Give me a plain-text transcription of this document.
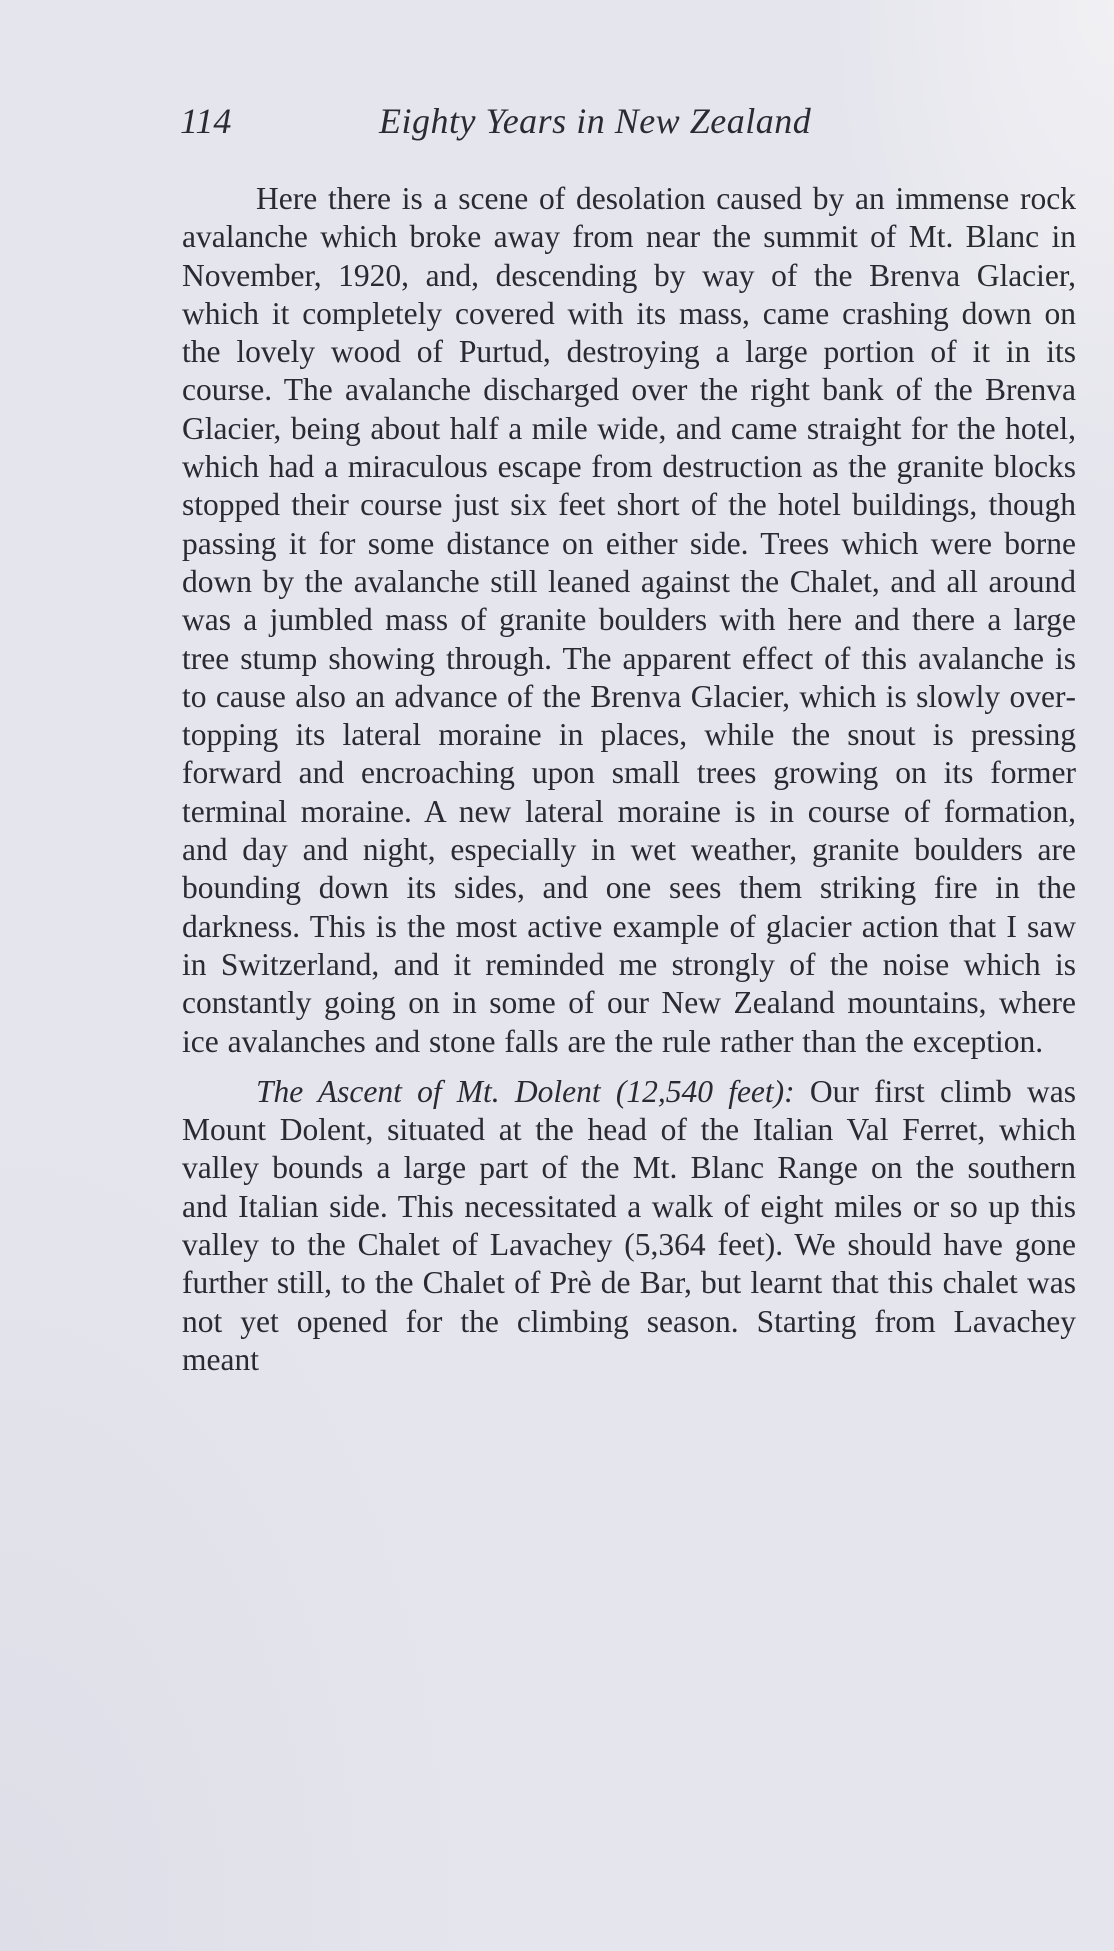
114	Eighty Years in New Zealand

Here there is a scene of desolation caused by an immense rock avalanche which broke away from near the summit of Mt. Blanc in November, 1920, and, descending by way of the Brenva Glacier, which it completely covered with its mass, came crashing down on the lovely wood of Purtud, destroying a large portion of it in its course. The avalanche discharged over the right bank of the Brenva Glacier, being about half a mile wide, and came straight for the hotel, which had a miraculous escape from destruction as the granite blocks stopped their course just six feet short of the hotel buildings, though passing it for some distance on either side. Trees which were borne down by the avalanche still leaned against the Chalet, and all around was a jumbled mass of granite boulders with here and there a large tree stump showing through. The apparent effect of this avalanche is to cause also an advance of the Brenva Glacier, which is slowly overtopping its lateral moraine in places, while the snout is pressing forward and encroaching upon small trees growing on its former terminal moraine. A new lateral moraine is in course of formation, and day and night, especially in wet weather, granite boulders are bounding down its sides, and one sees them striking fire in the darkness. This is the most active example of glacier action that I saw in Switzerland, and it reminded me strongly of the noise which is constantly going on in some of our New Zealand mountains, where ice avalanches and stone falls are the rule rather than the exception.

The Ascent of Mt. Dolent (12,540 feet): Our first climb was Mount Dolent, situated at the head of the Italian Val Ferret, which valley bounds a large part of the Mt. Blanc Range on the southern and Italian side. This necessitated a walk of eight miles or so up this valley to the Chalet of Lavachey (5,364 feet). We should have gone further still, to the Chalet of Prè de Bar, but learnt that this chalet was not yet opened for the climbing season. Starting from Lavachey meant
